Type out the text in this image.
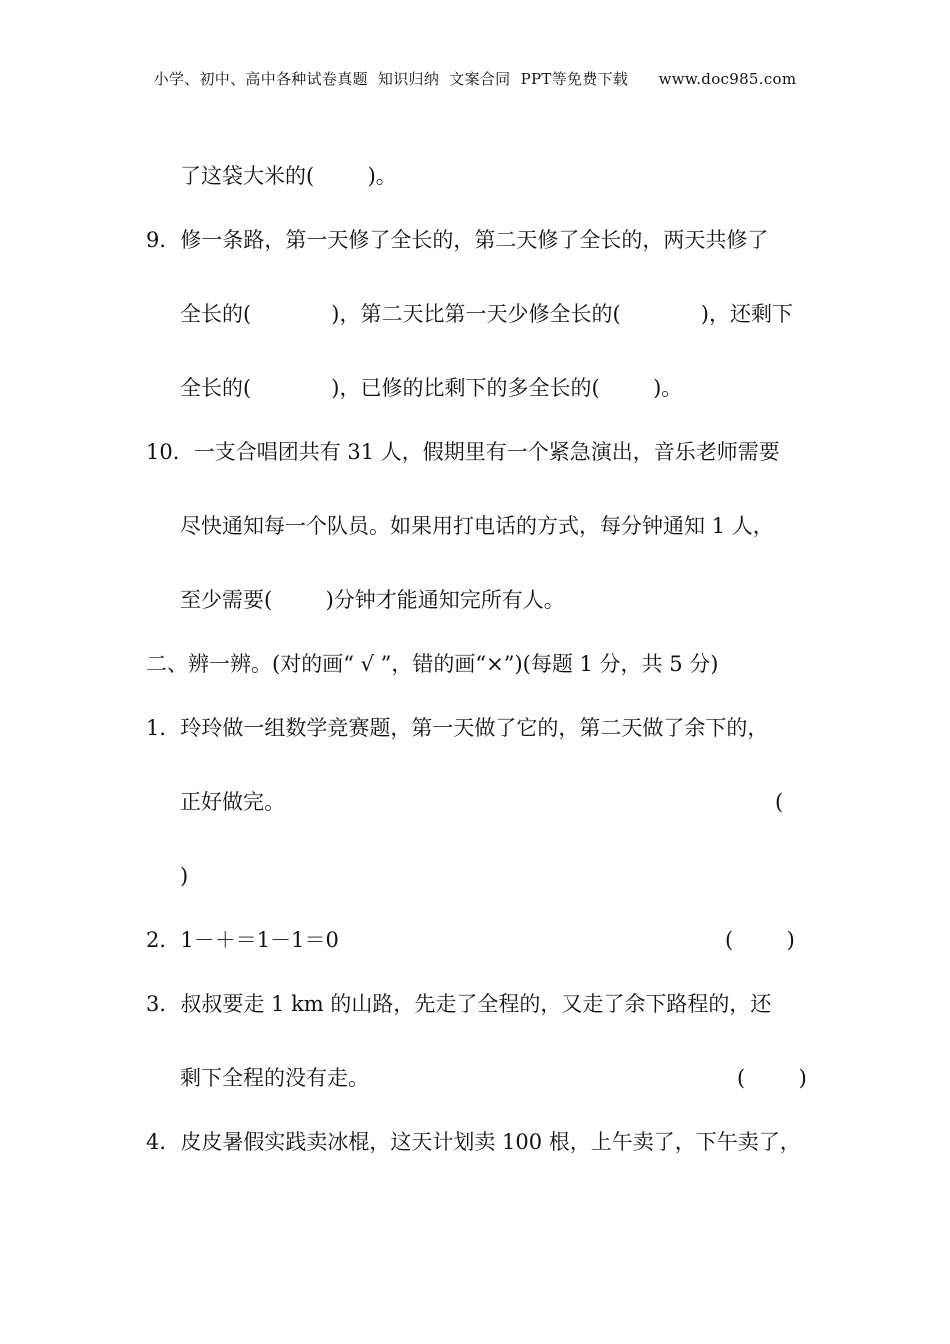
小学、初中、高中各种试卷真题  知识归纳  文案合同  PPT等免费下载      www.doc985.com
了这袋大米的(        )。
9．修一条路，第一天修了全长的，第二天修了全长的，两天共修了
全长的(            )，第二天比第一天少修全长的(            )，还剩下
全长的(            )，已修的比剩下的多全长的(        )。
10．一支合唱团共有 31 人，假期里有一个紧急演出，音乐老师需要
尽快通知每一个队员。如果用打电话的方式，每分钟通知 1 人，
至少需要(        )分钟才能通知完所有人。
二、辨一辨。(对的画“ √ ”，错的画“×”)(每题 1 分，共 5 分)
1．玲玲做一组数学竞赛题，第一天做了它的，第二天做了余下的，
正好做完。	(
)
2．1－＋＝1－1＝0	(        )
3．叔叔要走 1 km 的山路，先走了全程的，又走了余下路程的，还
剩下全程的没有走。	(        )
4．皮皮暑假实践卖冰棍，这天计划卖 100 根，上午卖了，下午卖了，
